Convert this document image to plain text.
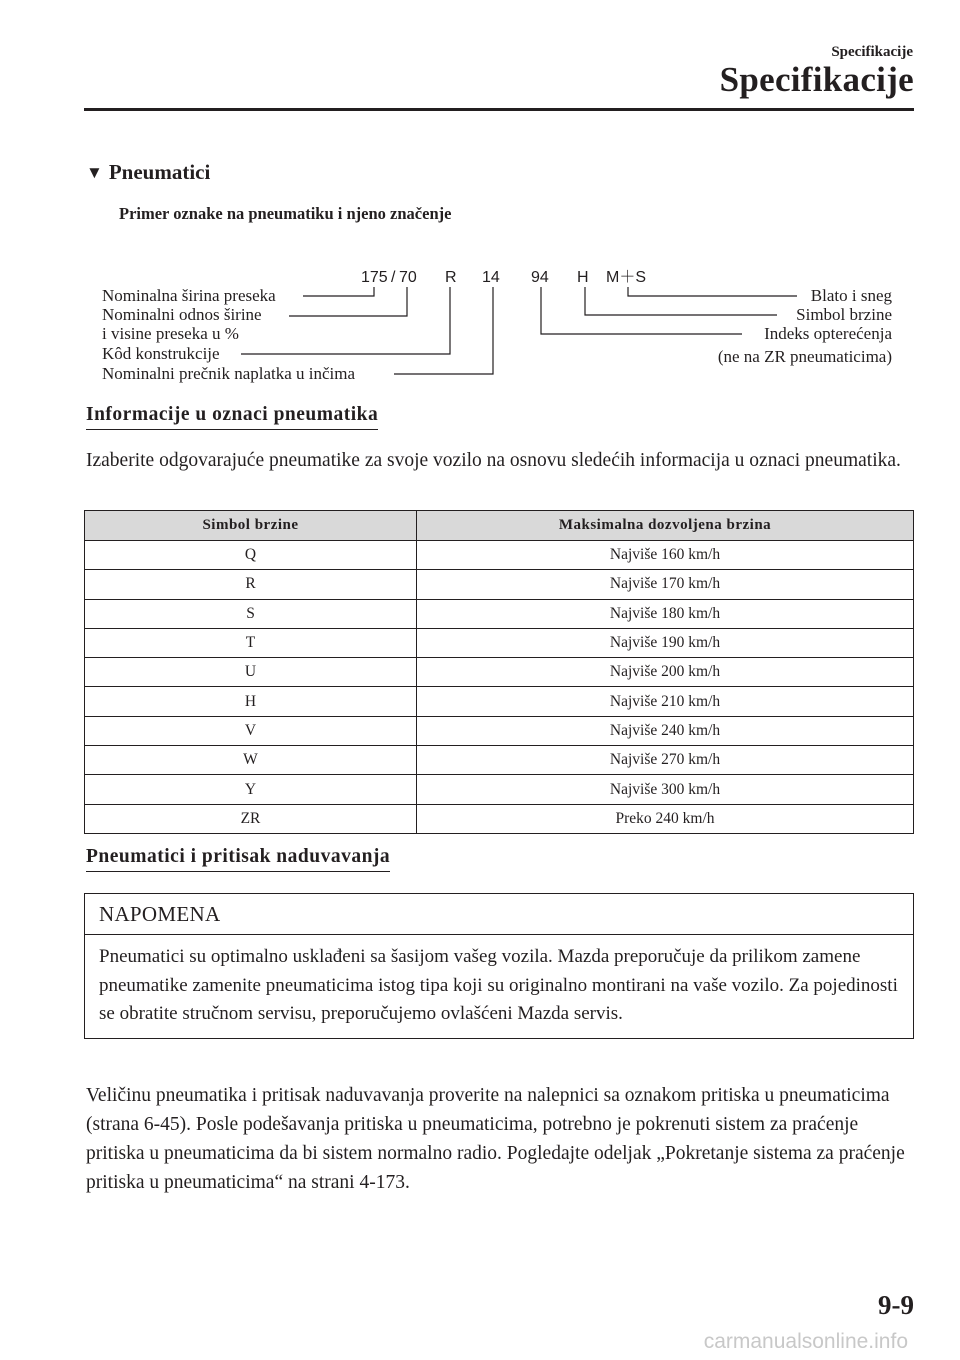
Specifikacije
Specifikacije
▼ Pneumatici
Primer oznake na pneumatiku i njeno značenje
175 / 70 R 14 94 H M＋S
Nominalna širina preseka
Nominalni odnos širine
i visine preseka u %
Kôd konstrukcije
Nominalni prečnik naplatka u inčima
Blato i sneg
Simbol brzine
Indeks opterećenja
(ne na ZR pneumaticima)
Informacije u oznaci pneumatika

Izaberite odgovarajuće pneumatike za svoje vozilo na osnovu sledećih informacija u oznaci pneumatika.

Simbol brzine	Maksimalna dozvoljena brzina
Q	Najviše 160 km/h
R	Najviše 170 km/h
S	Najviše 180 km/h
T	Najviše 190 km/h
U	Najviše 200 km/h
H	Najviše 210 km/h
V	Najviše 240 km/h
W	Najviše 270 km/h
Y	Najviše 300 km/h
ZR	Preko 240 km/h
Pneumatici i pritisak naduvavanja
NAPOMENA
Pneumatici su optimalno usklađeni sa šasijom vašeg vozila. Mazda preporučuje da prilikom zamene pneumatike zamenite pneumaticima istog tipa koji su originalno montirani na vaše vozilo. Za pojedinosti se obratite stručnom servisu, preporučujemo ovlašćeni Mazda servis.

Veličinu pneumatika i pritisak naduvavanja proverite na nalepnici sa oznakom pritiska u pneumaticima (strana 6-45). Posle podešavanja pritiska u pneumaticima, potrebno je pokrenuti sistem za praćenje pritiska u pneumaticima da bi sistem normalno radio. Pogledajte odeljak „Pokretanje sistema za praćenje pritiska u pneumaticima“ na strani 4-173.

9-9
carmanualsonline.info
